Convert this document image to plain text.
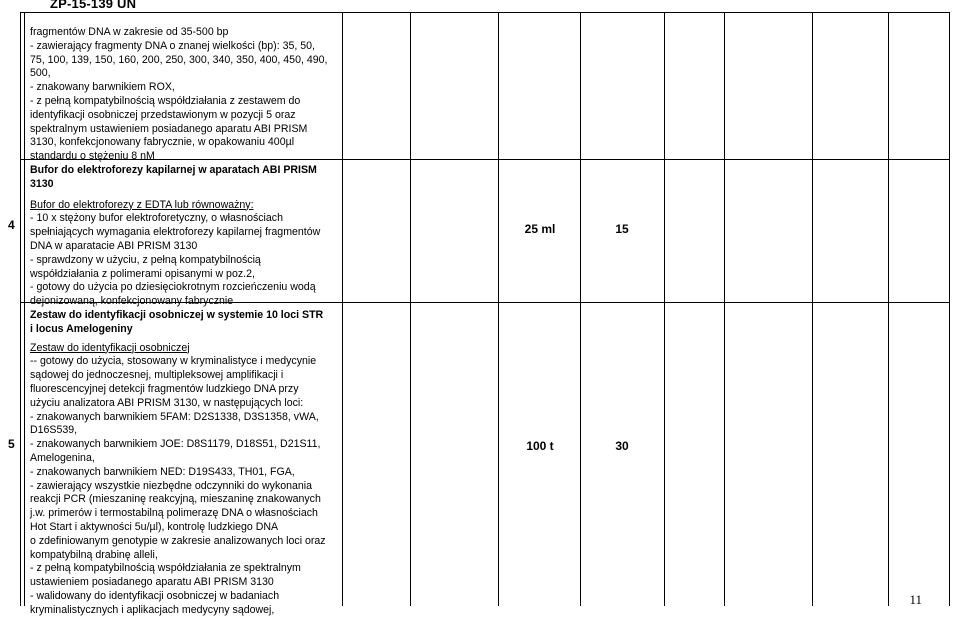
ZP-15-139 UN
fragmentów DNA w zakresie od 35-500 bp
- zawierający fragmenty DNA o znanej wielkości (bp): 35, 50,
75, 100, 139, 150, 160, 200, 250, 300, 340, 350, 400, 450, 490,
500,
- znakowany barwnikiem ROX,
- z pełną kompatybilnością współdziałania z zestawem do
identyfikacji osobniczej przedstawionym w pozycji 5 oraz
spektralnym ustawieniem posiadanego aparatu ABI PRISM
3130, konfekcjonowany fabrycznie, w opakowaniu 400µl
standardu o stężeniu 8 nM
4
Bufor do elektroforezy kapilarnej w aparatach ABI PRISM
3130
Bufor do elektroforezy z EDTA lub równoważny:
- 10 x stężony bufor elektroforetyczny, o własnościach
spełniających wymagania elektroforezy kapilarnej fragmentów
DNA w aparatacie ABI PRISM 3130
- sprawdzony w użyciu, z pełną kompatybilnością
współdziałania z polimerami opisanymi w poz.2,
- gotowy do użycia po dziesięciokrotnym rozcieńczeniu wodą
dejonizowaną, konfekcjonowany fabrycznie
25 ml	15
5
Zestaw do identyfikacji osobniczej w systemie 10 loci STR
i locus Amelogeniny
Zestaw do identyfikacji osobniczej
-- gotowy do użycia, stosowany w kryminalistyce i medycynie
sądowej do jednoczesnej, multipleksowej amplifikacji i
fluorescencyjnej detekcji fragmentów ludzkiego DNA przy
użyciu analizatora ABI PRISM 3130, w następujących loci:
- znakowanych barwnikiem 5FAM: D2S1338, D3S1358, vWA,
D16S539,
- znakowanych barwnikiem JOE: D8S1179, D18S51, D21S11,
Amelogenina,
- znakowanych barwnikiem NED: D19S433, TH01, FGA,
- zawierający wszystkie niezbędne odczynniki do wykonania
reakcji PCR (mieszaninę reakcyjną, mieszaninę znakowanych
j.w. primerów i termostabilną polimerazę DNA o własnościach
Hot Start i aktywności 5u/µl), kontrolę ludzkiego DNA
o zdefiniowanym genotypie w zakresie analizowanych loci oraz
kompatybilną drabinę alleli,
- z pełną kompatybilnością współdziałania ze spektralnym
ustawieniem posiadanego aparatu ABI PRISM 3130
- walidowany do identyfikacji osobniczej w badaniach
kryminalistycznych i aplikacjach medycyny sądowej,
100 t	30
11
